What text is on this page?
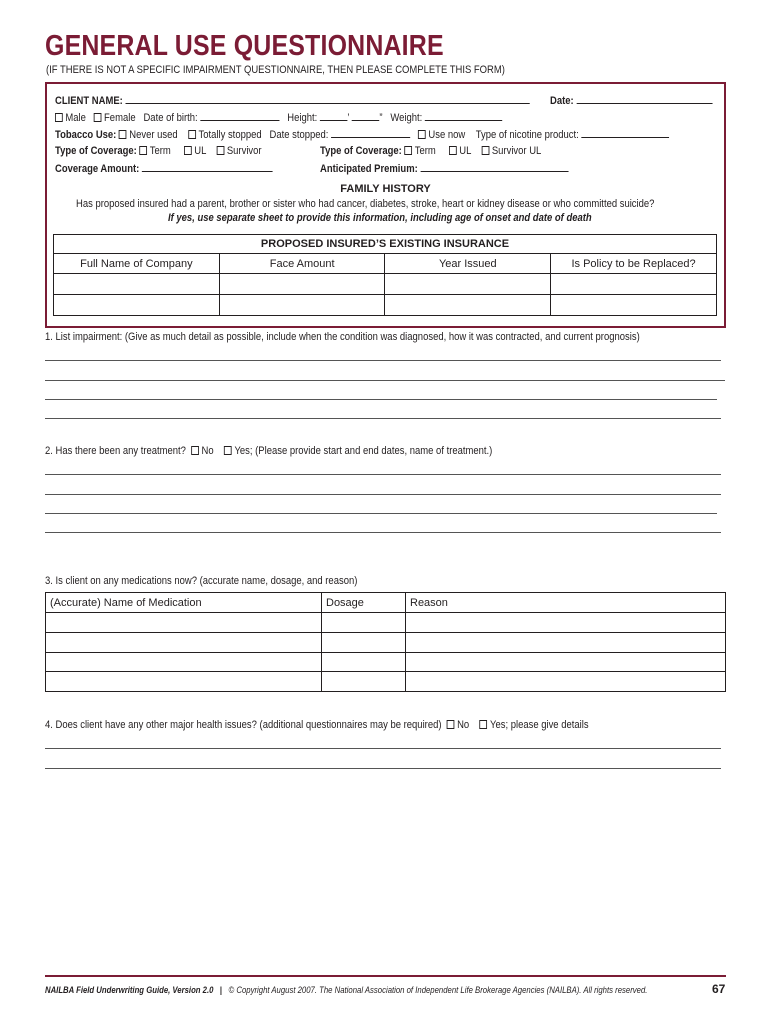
GENERAL USE QUESTIONNAIRE
(IF THERE IS NOT A SPECIFIC IMPAIRMENT QUESTIONNAIRE, THEN PLEASE COMPLETE THIS FORM)
CLIENT NAME:	Date:
Male Female Date of birth:	Height:	’	” Weight:
Tobacco Use: Never used Totally stopped Date stopped:	Use now Type of nicotine product:
Type of Coverage: Term UL Survivor	Type of Coverage: Term UL Survivor UL
Coverage Amount:	Anticipated Premium:
FAMILY HISTORY
Has proposed insured had a parent, brother or sister who had cancer, diabetes, stroke, heart or kidney disease or who committed suicide?
If yes, use separate sheet to provide this information, including age of onset and date of death
PROPOSED INSURED’S EXISTING INSURANCE			
Full Name of Company	Face Amount	Year Issued	Is Policy to be Replaced?

1. List impairment: (Give as much detail as possible, include when the condition was diagnosed, how it was contracted, and current prognosis)
2. Has there been any treatment? No Yes; (Please provide start and end dates, name of treatment.)
3. Is client on any medications now? (accurate name, dosage, and reason)
(Accurate) Name of Medication	Dosage	Reason

4. Does client have any other major health issues? (additional questionnaires may be required) No Yes; please give details
NAILBA Field Underwriting Guide, Version 2.0 | © Copyright August 2007. The National Association of Independent Life Brokerage Agencies (NAILBA). All rights reserved.	67
